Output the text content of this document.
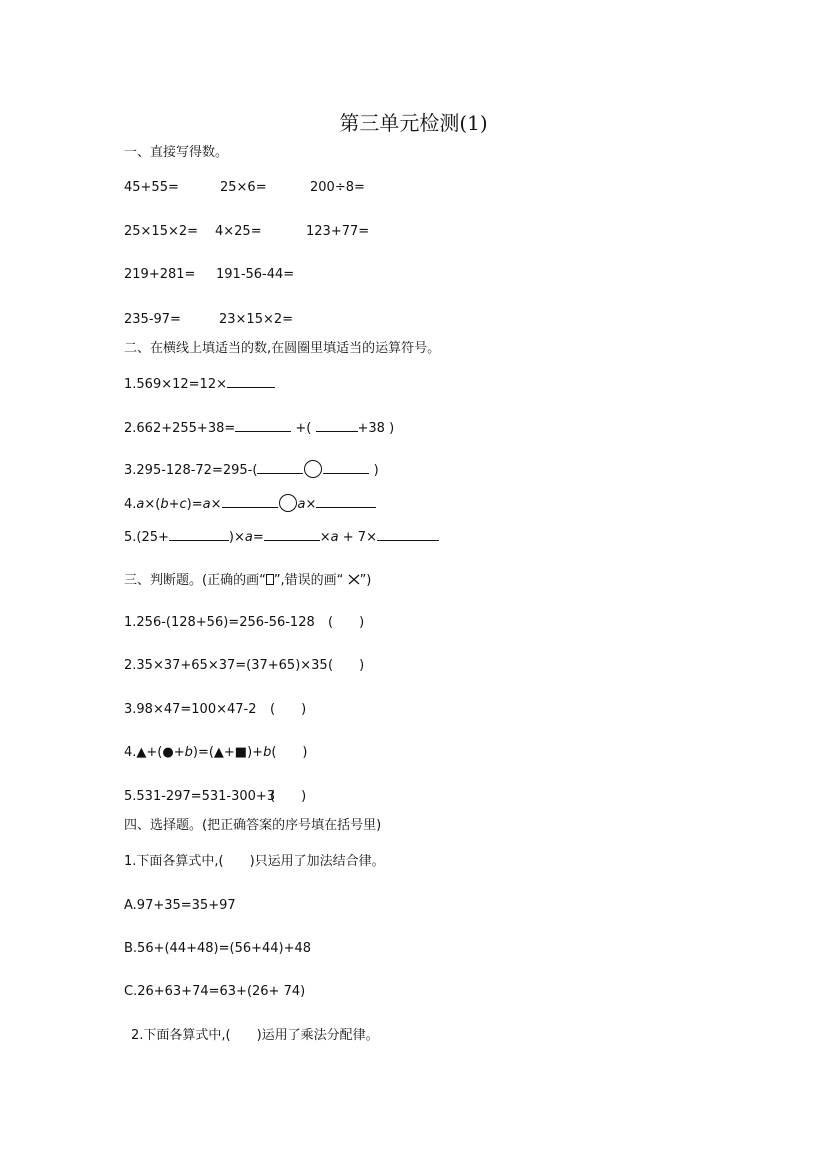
第三单元检测(1)
一、直接写得数。
45+55=	25×6=	200÷8=
25×15×2= 4×25=	123+77=
219+281= 191-56-44=
235-97=	23×15×2=
二、在横线上填适当的数,在圆圈里填适当的运算符号。
1.569×12=12×
2.662+255+38=	+(	+38 )
3.295-128-72=295-(	)
4.a×(b+c)=a×	a×
5.(25+	)×a=	×a + 7×
三、判断题。(正确的画“ ”,错误的画“ ”)
1.256-(128+56)=256-56-128 (　　)
2.35×37+65×37=(37+65)×35 (　　)
3.98×47=100×47-2 (　　)
4.▲+(●+b)=(▲+■)+b(　　)
5.531-297=531-300+3
(　　)
四、选择题。(把正确答案的序号填在括号里)
1.下面各算式中,(　　)只运用了加法结合律。
A.97+35=35+97
B.56+(44+48)=(56+44)+48
C.26+63+74=63+(26+ 74)
2.下面各算式中,(　　)运用了乘法分配律。
